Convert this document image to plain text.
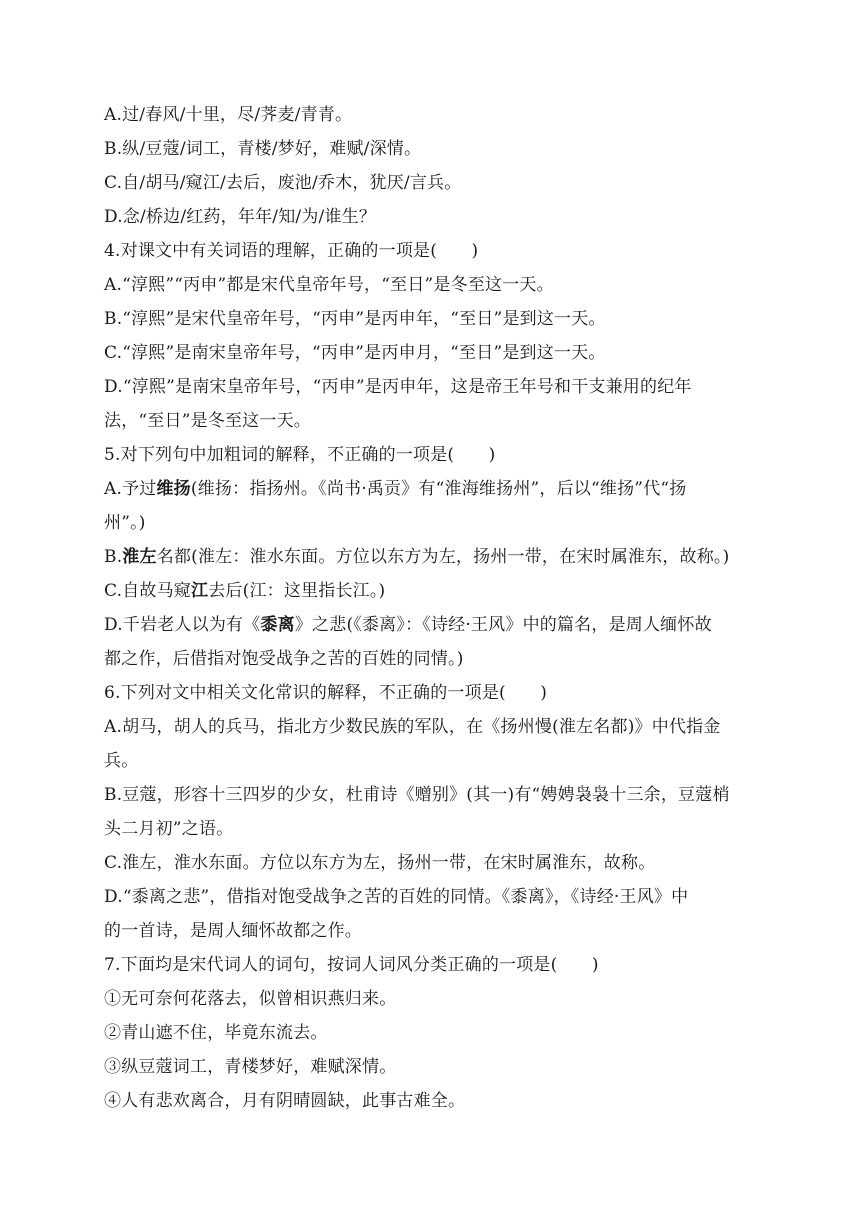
A.过/春风/十里，尽/荠麦/青青。
B.纵/豆蔻/词工，青楼/梦好，难赋/深情。
C.自/胡马/窥江/去后，废池/乔木，犹厌/言兵。
D.念/桥边/红药，年年/知/为/谁生？
4.对课文中有关词语的理解，正确的一项是(　　)
A.“淳熙”“丙申”都是宋代皇帝年号，“至日”是冬至这一天。
B.“淳熙”是宋代皇帝年号，“丙申”是丙申年，“至日”是到这一天。
C.“淳熙”是南宋皇帝年号，“丙申”是丙申月，“至日”是到这一天。
D.“淳熙”是南宋皇帝年号，“丙申”是丙申年，这是帝王年号和干支兼用的纪年
法，“至日”是冬至这一天。
5.对下列句中加粗词的解释，不正确的一项是(　　)
A.予过维扬(维扬：指扬州。《尚书·禹贡》有“淮海维扬州”，后以“维扬”代“扬
州”。)
B.淮左名都(淮左：淮水东面。方位以东方为左，扬州一带，在宋时属淮东，故称。)
C.自故马窥江去后(江：这里指长江。)
D.千岩老人以为有《黍离》之悲(《黍离》：《诗经·王风》中的篇名，是周人缅怀故
都之作，后借指对饱受战争之苦的百姓的同情。)
6.下列对文中相关文化常识的解释，不正确的一项是(　　)
A.胡马，胡人的兵马，指北方少数民族的军队，在《扬州慢(淮左名都)》中代指金
兵。
B.豆蔻，形容十三四岁的少女，杜甫诗《赠别》(其一)有“娉娉袅袅十三余，豆蔻梢
头二月初”之语。
C.淮左，淮水东面。方位以东方为左，扬州一带，在宋时属淮东，故称。
D.“黍离之悲”，借指对饱受战争之苦的百姓的同情。《黍离》，《诗经·王风》中
的一首诗，是周人缅怀故都之作。
7.下面均是宋代词人的词句，按词人词风分类正确的一项是(　　)
①无可奈何花落去，似曾相识燕归来。
②青山遮不住，毕竟东流去。
③纵豆蔻词工，青楼梦好，难赋深情。
④人有悲欢离合，月有阴晴圆缺，此事古难全。
